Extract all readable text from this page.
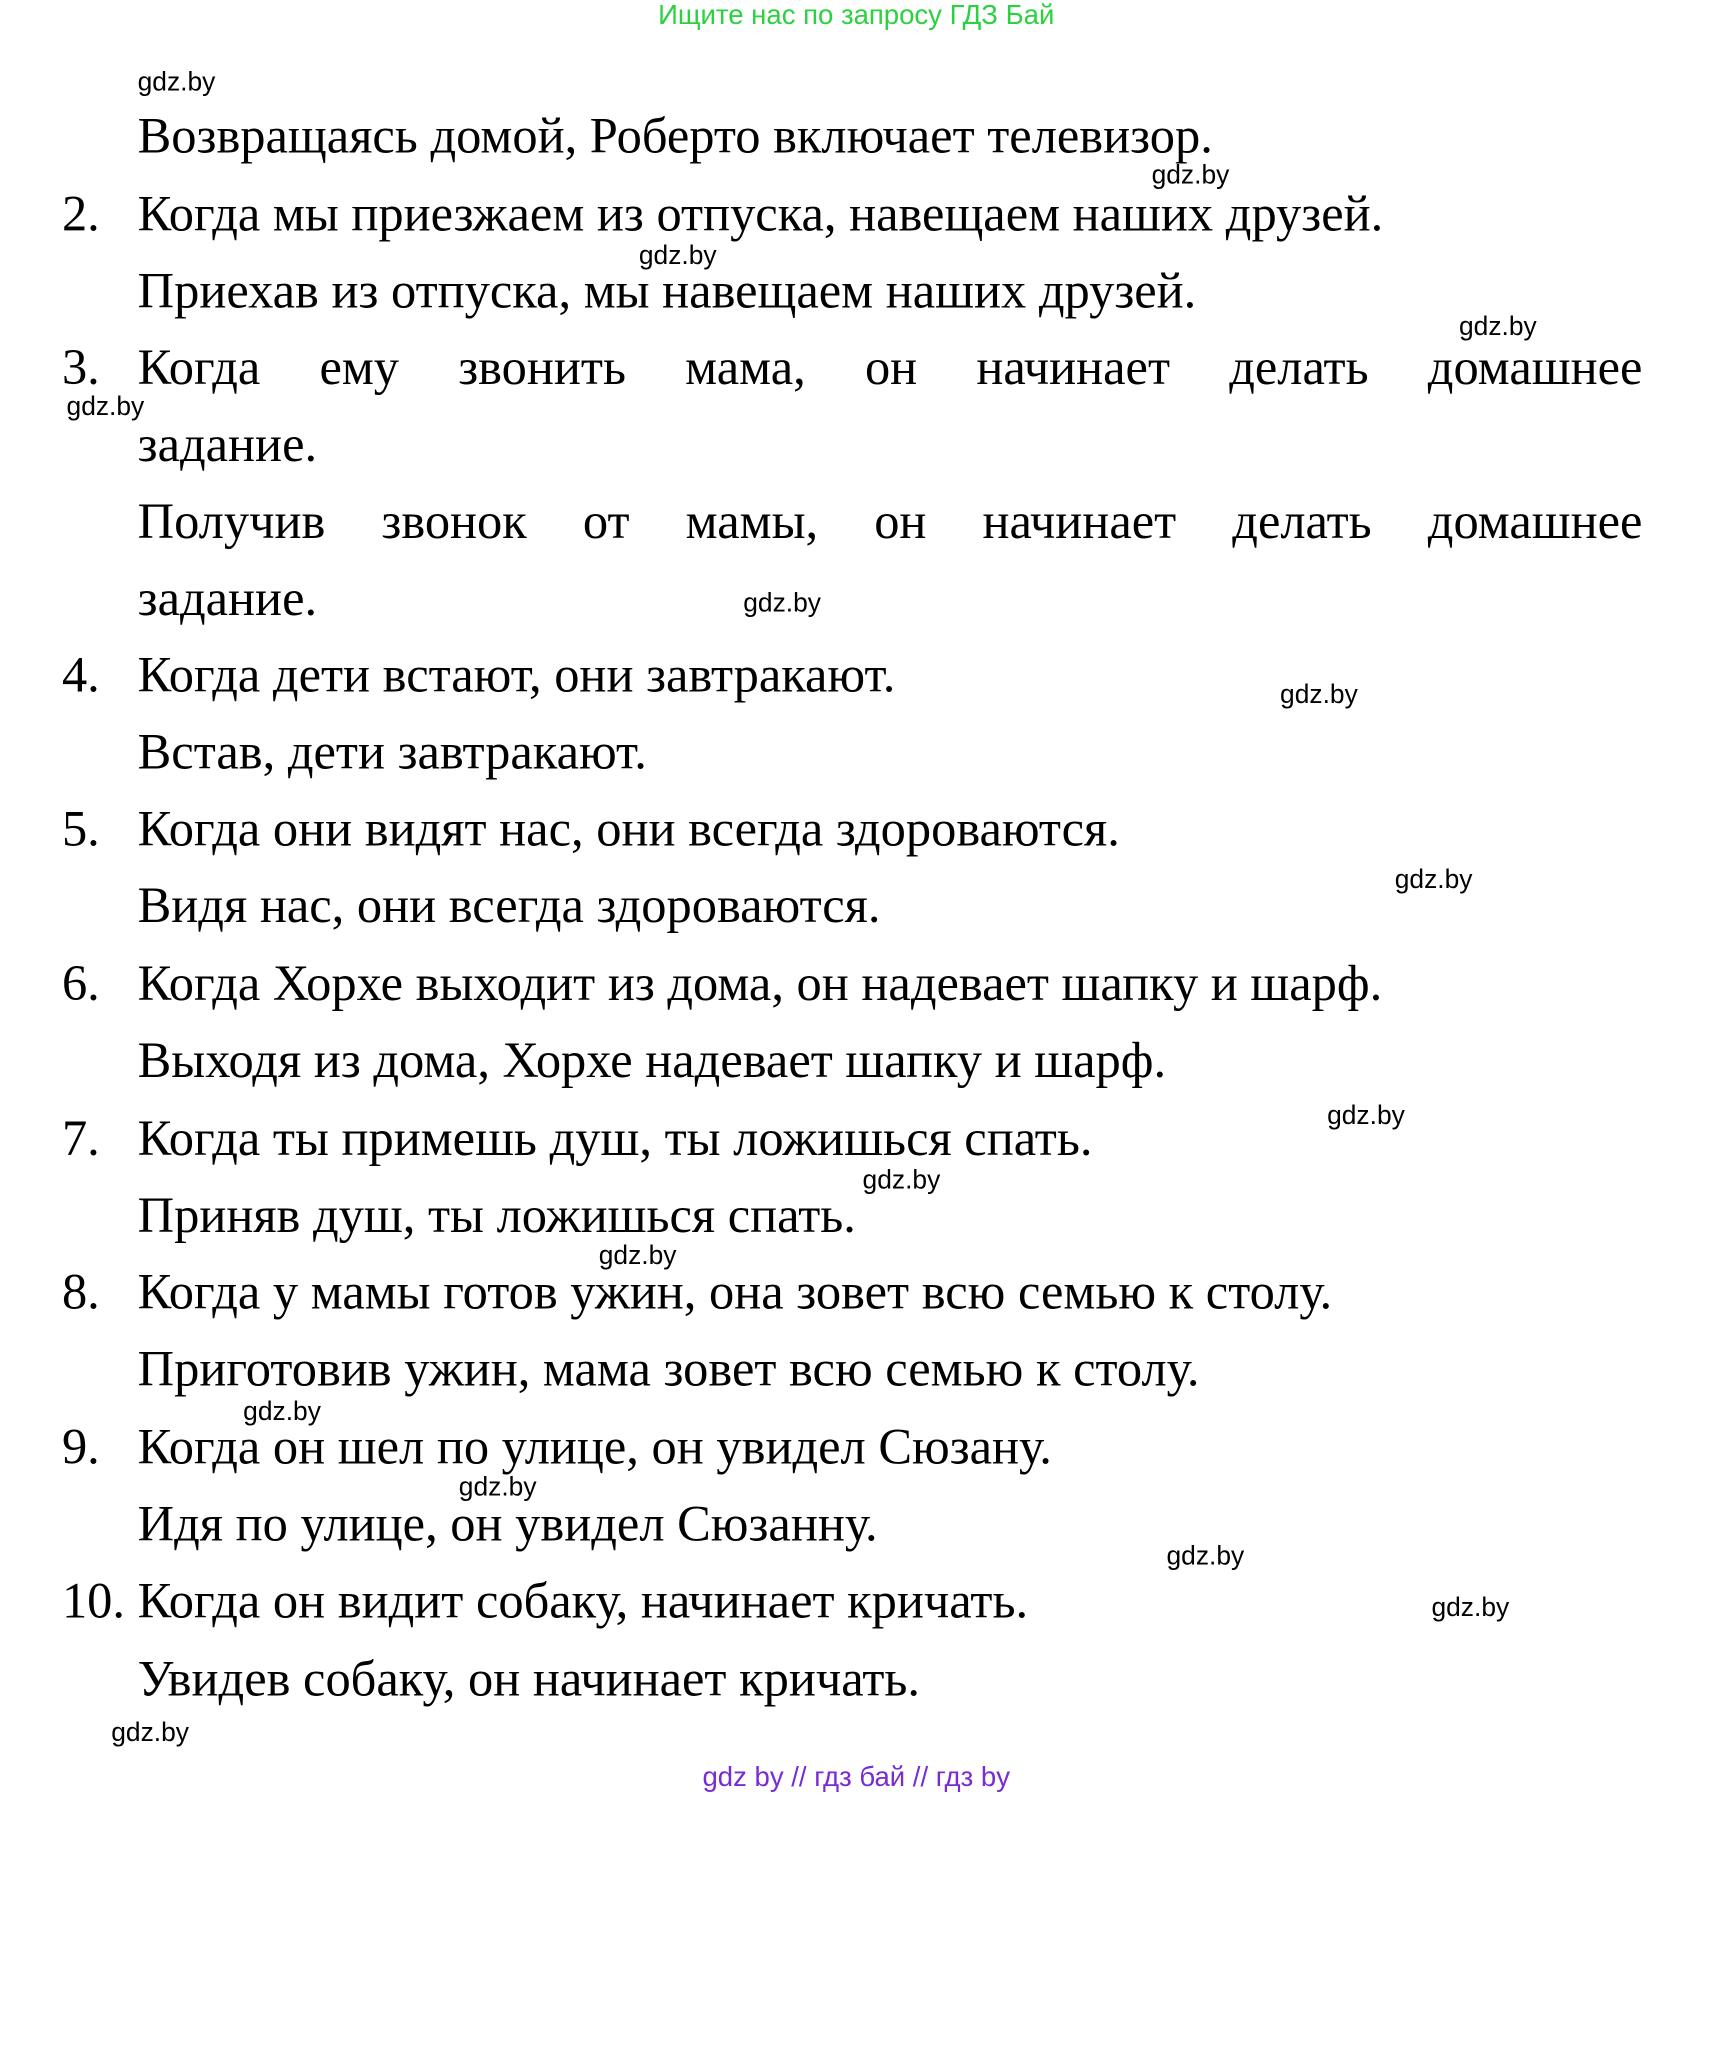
Ищите нас по запросу ГДЗ Бай
Возвращаясь домой, Роберто включает телевизор.
2. Когда мы приезжаем из отпуска, навещаем наших друзей.
Приехав из отпуска, мы навещаем наших друзей.
3. Когда ему звонить мама, он начинает делать домашнее
задание.
Получив звонок от мамы, он начинает делать домашнее
задание.
4. Когда дети встают, они завтракают.
Встав, дети завтракают.
5. Когда они видят нас, они всегда здороваются.
Видя нас, они всегда здороваются.
6. Когда Хорхе выходит из дома, он надевает шапку и шарф.
Выходя из дома, Хорхе надевает шапку и шарф.
7. Когда ты примешь душ, ты ложишься спать.
Приняв душ, ты ложишься спать.
8. Когда у мамы готов ужин, она зовет всю семью к столу.
Приготовив ужин, мама зовет всю семью к столу.
9. Когда он шел по улице, он увидел Сюзану.
Идя по улице, он увидел Сюзанну.
10. Когда он видит собаку, начинает кричать.
Увидев собаку, он начинает кричать.
gdz.by
gdz.by
gdz.by
gdz.by
gdz.by
gdz.by
gdz.by
gdz.by
gdz.by
gdz.by
gdz.by
gdz.by
gdz.by
gdz.by
gdz.by
gdz.by
gdz by // гдз бай // гдз by
